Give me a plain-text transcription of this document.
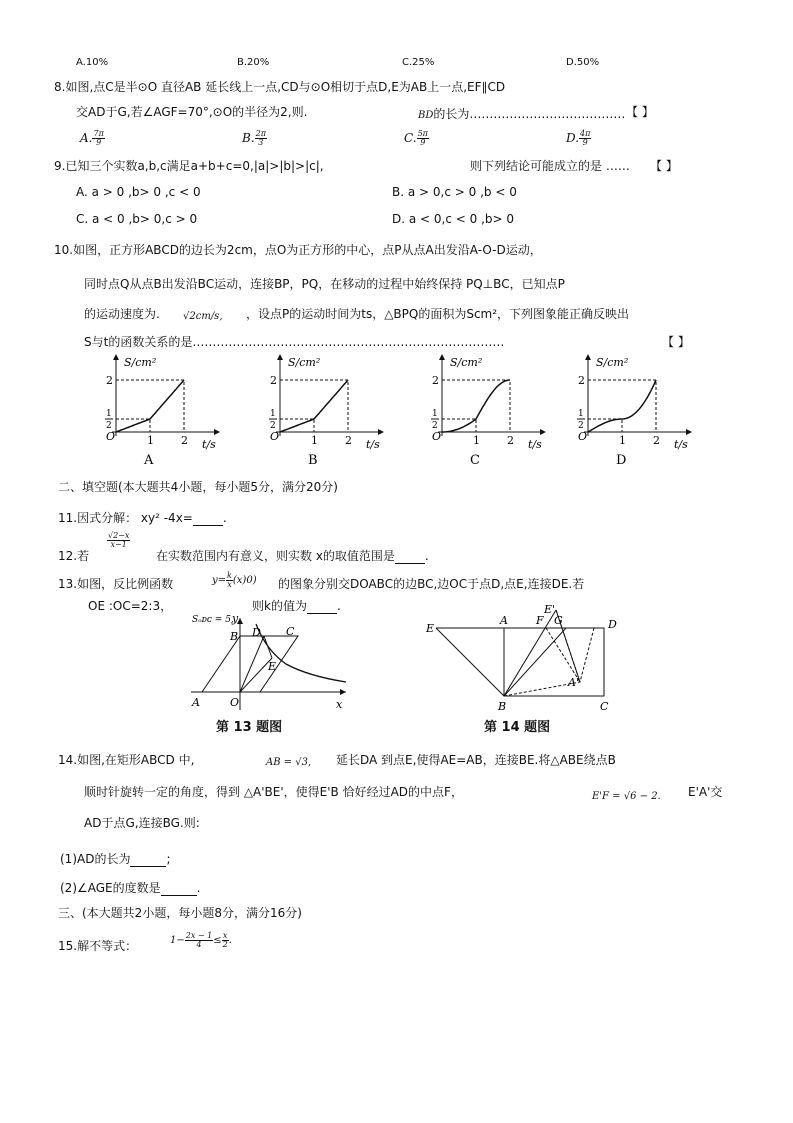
A.10%	B.20%	C.25%	D.50%
8.如图,点C是半⊙O 直径AB 延长线上一点,CD与⊙O相切于点D,E为AB上一点,EF∥CD
交AD于G,若∠AGF=70°,⊙O的半径为2,则.	BD的长为………………………………… 【 】
A. $\frac{7\pi}{9}$	B. $\frac{2\pi}{3}$	C. $\frac{5\pi}{9}$	D. $\frac{4\pi}{9}$
9.已知三个实数a,b,c满足a+b+c=0,|a|>|b|>|c|,	则下列结论可能成立的是 …… 【 】
A. a > 0 ,b> 0 ,c < 0	B. a > 0,c > 0 ,b < 0
C. a < 0 ,b> 0,c > 0	D. a < 0,c < 0 ,b> 0
10.如图，正方形ABCD的边长为2cm，点O为正方形的中心，点P从点A出发沿A-O-D运动，
同时点Q从点B出发沿BC运动，连接BP，PQ，在移动的过程中始终保持 PQ⊥BC，已知点P
的运动速度为. √2cm/s, ，设点P的运动时间为ts，△BPQ的面积为Scm²，下列图象能正确反映出
S与t的函数关系的是……………………………………………………………………	【 】
S/cm²
t/s
O
2
1
2
1 2
A
S/cm²
t/s
O
2
1
2
1 2
B
S/cm²
t/s
O
2
1
2
1 2
C
S/cm²
t/s
O
2
1
2
1 2
D
二、填空题(本大题共4小题，每小题5分，满分20分)
11.因式分解： xy² -4x=	.
12.若
$\frac{√2-x}{x-1}$
在实数范围内有意义，则实数 x的取值范围是	.
13.如图，反比例函数	$y= \frac{k}{x} (x)0$) 的图象分别交DOABC的边BC,边OC于点D,点E,连接DE.若
OE :OC=2:3，	则k的值为	.
Sₒᴅᴄ = 5,
B D C
E
A	O	x
y
第 13 题图
E
A	F G	D
E'
A'
B	C
第 14 题图
14.如图,在矩形ABCD 中,	AB = √3, 延长DA 到点E,使得AE=AB，连接BE.将△ABE绕点B
顺时针旋转一定的角度，得到 △A'BE'，使得E'B 恰好经过AD的中点F，	E'F = √6 − 2. E'A'交
AD于点G,连接BG.则:
(1)AD的长为	;
(2)∠AGE的度数是	.
三、(本大题共2小题，每小题8分，满分16分)
15.解不等式：	$1- \frac{2x - 1}{4} \le \frac{x}{2}$ .
